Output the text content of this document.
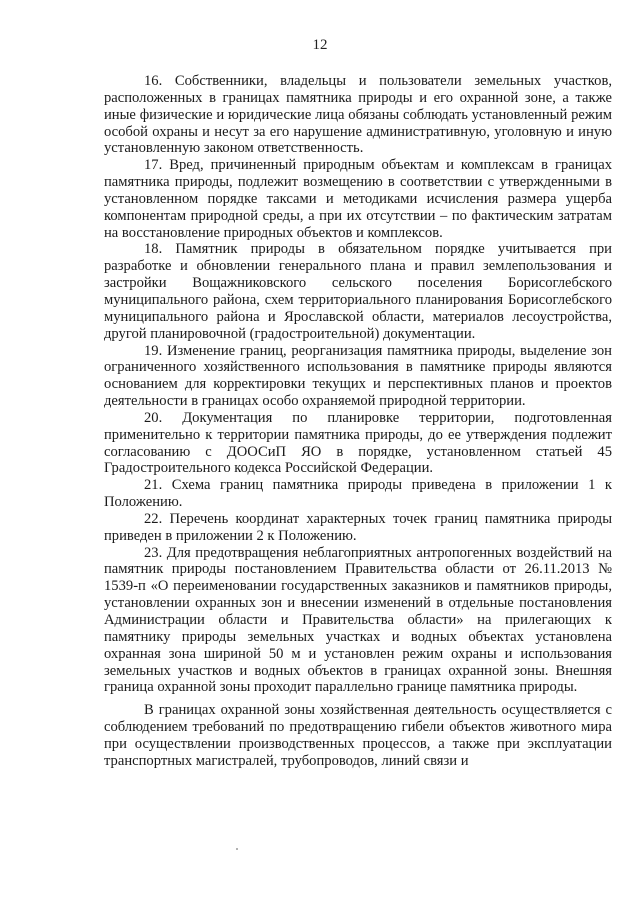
12

16. Собственники, владельцы и пользователи земельных участков, расположенных в границах памятника природы и его охранной зоне, а также иные физические и юридические лица обязаны соблюдать установленный режим особой охраны и несут за его нарушение административную, уголовную и иную установленную законом ответственность.

17. Вред, причиненный природным объектам и комплексам в границах памятника природы, подлежит возмещению в соответствии с утвержденными в установленном порядке таксами и методиками исчисления размера ущерба компонентам природной среды, а при их отсутствии – по фактическим затратам на восстановление природных объектов и комплексов.

18. Памятник природы в обязательном порядке учитывается при разработке и обновлении генерального плана и правил землепользования и застройки Вощажниковского сельского поселения Борисоглебского муниципального района, схем территориального планирования Борисоглебского муниципального района и Ярославской области, материалов лесоустройства, другой планировочной (градостроительной) документации.

19. Изменение границ, реорганизация памятника природы, выделение зон ограниченного хозяйственного использования в памятнике природы являются основанием для корректировки текущих и перспективных планов и проектов деятельности в границах особо охраняемой природной территории.

20. Документация по планировке территории, подготовленная применительно к территории памятника природы, до ее утверждения подлежит согласованию с ДООСиП ЯО в порядке, установленном статьей 45 Градостроительного кодекса Российской Федерации.

21. Схема границ памятника природы приведена в приложении 1 к Положению.

22. Перечень координат характерных точек границ памятника природы приведен в приложении 2 к Положению.

23. Для предотвращения неблагоприятных антропогенных воздействий на памятник природы постановлением Правительства области от 26.11.2013 № 1539-п «О переименовании государственных заказников и памятников природы, установлении охранных зон и внесении изменений в отдельные постановления Администрации области и Правительства области» на прилегающих к памятнику природы земельных участках и водных объектах установлена охранная зона шириной 50 м и установлен режим охраны и использования земельных участков и водных объектов в границах охранной зоны. Внешняя граница охранной зоны проходит параллельно границе памятника природы.

В границах охранной зоны хозяйственная деятельность осуществляется с соблюдением требований по предотвращению гибели объектов животного мира при осуществлении производственных процессов, а также при эксплуатации транспортных магистралей, трубопроводов, линий связи и
